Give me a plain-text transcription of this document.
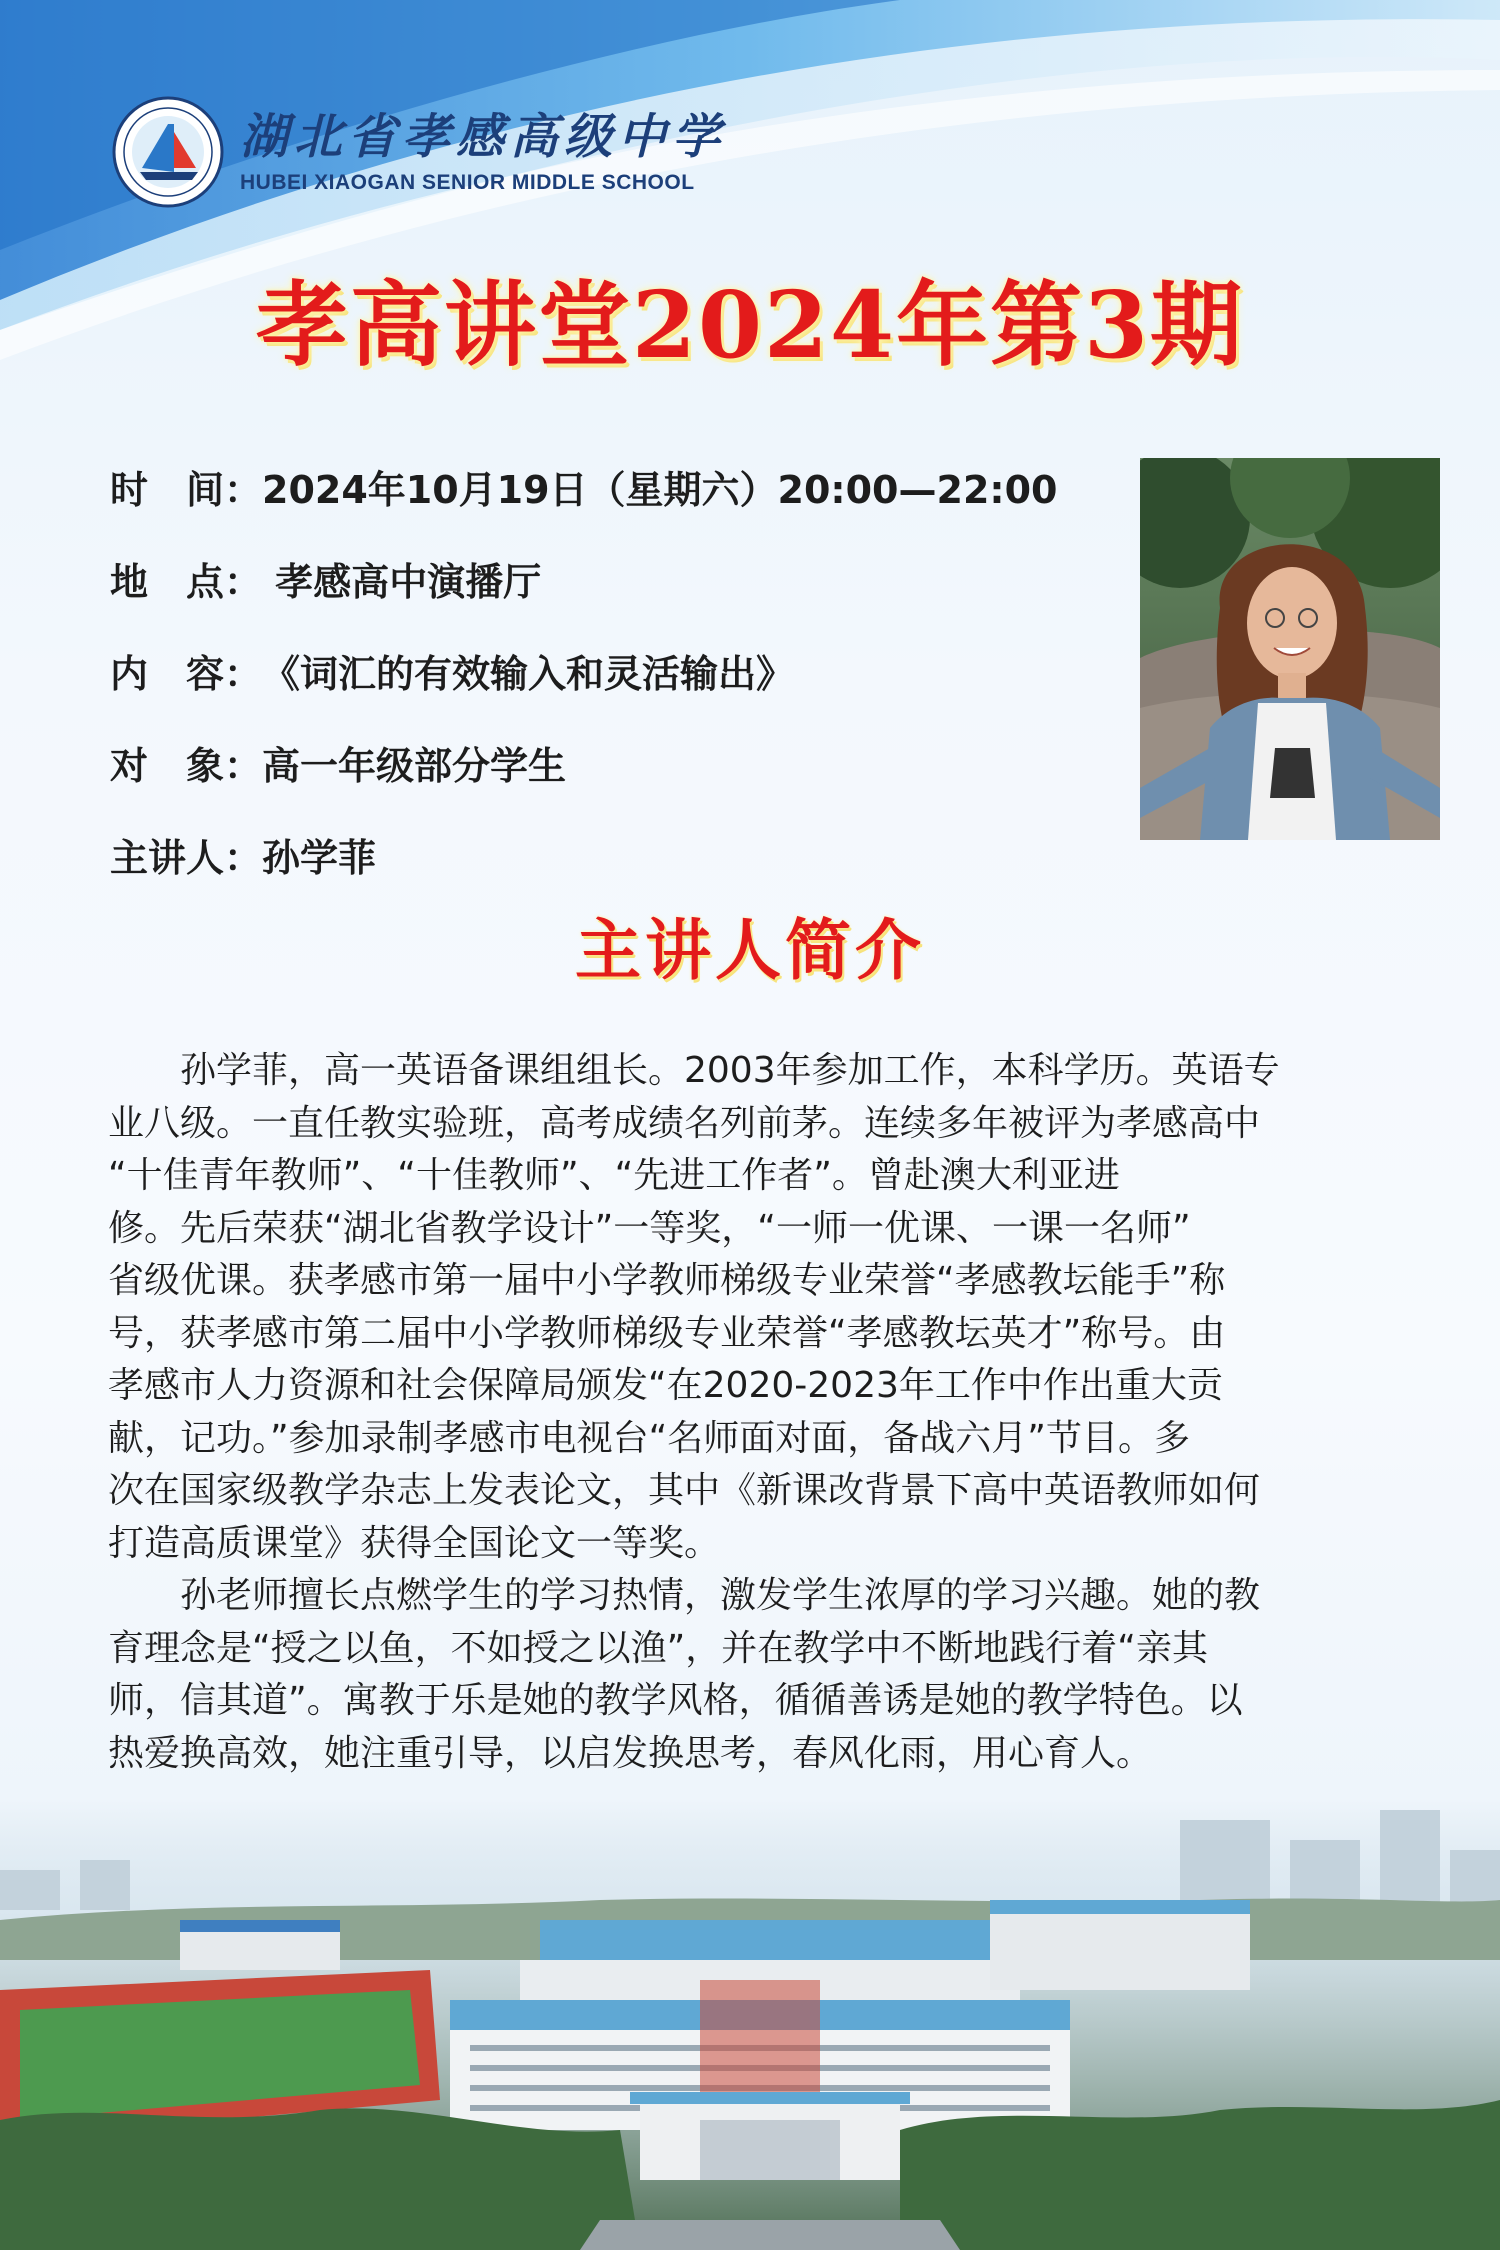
湖北省孝感高级中学
HUBEI XIAOGAN SENIOR MIDDLE SCHOOL
孝高讲堂2024年第3期
时　间： 2024年10月19日（星期六）20:00—22:00
地　点： 孝感高中演播厅
内　容： 《词汇的有效输入和灵活输出》
对　象： 高一年级部分学生
主讲人： 孙学菲
主讲人简介
　　孙学菲，高一英语备课组组长。2003年参加工作，本科学历。英语专
业八级。一直任教实验班，高考成绩名列前茅。连续多年被评为孝感高中
“十佳青年教师”、“十佳教师”、“先进工作者”。曾赴澳大利亚进
修。先后荣获“湖北省教学设计”一等奖，“一师一优课、一课一名师”
省级优课。获孝感市第一届中小学教师梯级专业荣誉“孝感教坛能手”称
号，获孝感市第二届中小学教师梯级专业荣誉“孝感教坛英才”称号。由
孝感市人力资源和社会保障局颁发“在2020-2023年工作中作出重大贡
献，记功。”参加录制孝感市电视台“名师面对面，备战六月”节目。多
次在国家级教学杂志上发表论文，其中《新课改背景下高中英语教师如何
打造高质课堂》获得全国论文一等奖。
　　孙老师擅长点燃学生的学习热情，激发学生浓厚的学习兴趣。她的教
育理念是“授之以鱼，不如授之以渔”，并在教学中不断地践行着“亲其
师，信其道”。寓教于乐是她的教学风格，循循善诱是她的教学特色。以
热爱换高效，她注重引导，以启发换思考，春风化雨，用心育人。
